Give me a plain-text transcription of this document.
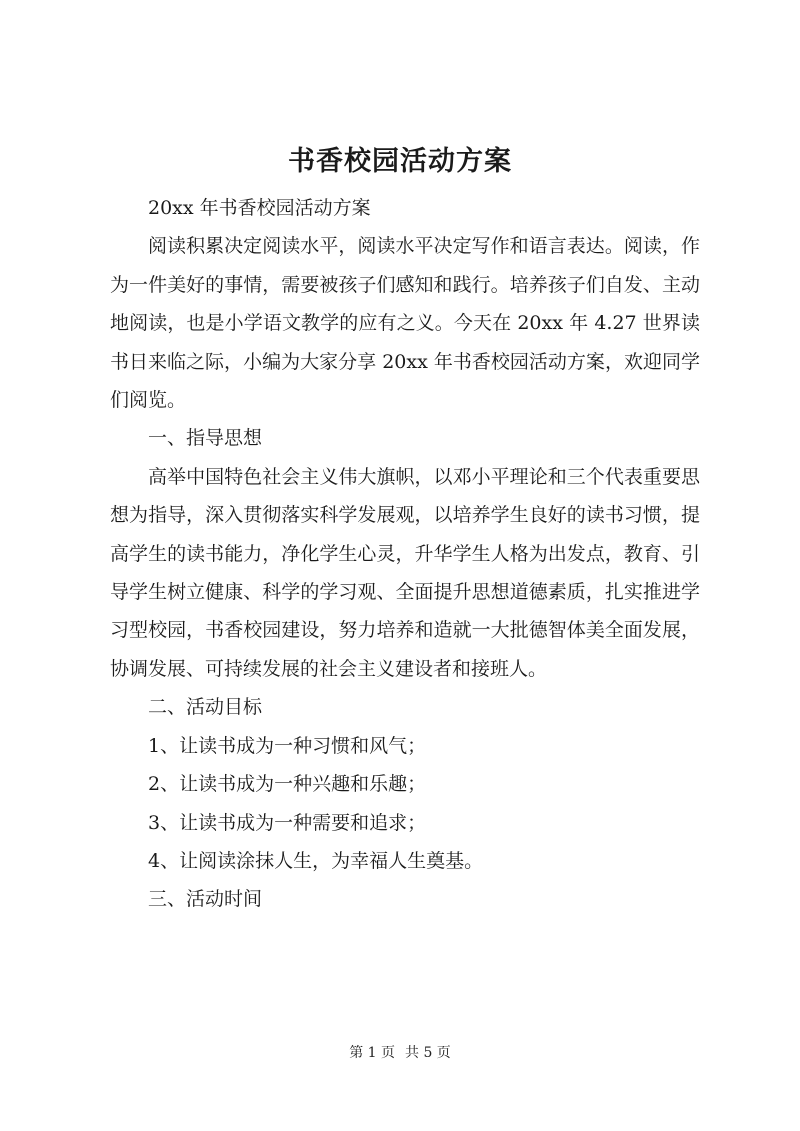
书香校园活动方案

20xx 年书香校园活动方案

阅读积累决定阅读水平，阅读水平决定写作和语言表达。阅读，作为一件美好的事情，需要被孩子们感知和践行。培养孩子们自发、主动地阅读，也是小学语文教学的应有之义。今天在 20xx 年 4.27 世界读书日来临之际，小编为大家分享 20xx 年书香校园活动方案，欢迎同学们阅览。

一、指导思想

高举中国特色社会主义伟大旗帜，以邓小平理论和三个代表重要思想为指导，深入贯彻落实科学发展观，以培养学生良好的读书习惯，提高学生的读书能力，净化学生心灵，升华学生人格为出发点，教育、引导学生树立健康、科学的学习观、全面提升思想道德素质，扎实推进学习型校园，书香校园建设，努力培养和造就一大批德智体美全面发展，协调发展、可持续发展的社会主义建设者和接班人。

二、活动目标

1、让读书成为一种习惯和风气；

2、让读书成为一种兴趣和乐趣；

3、让读书成为一种需要和追求；

4、让阅读涂抹人生，为幸福人生奠基。

三、活动时间

第 1 页 共 5 页
